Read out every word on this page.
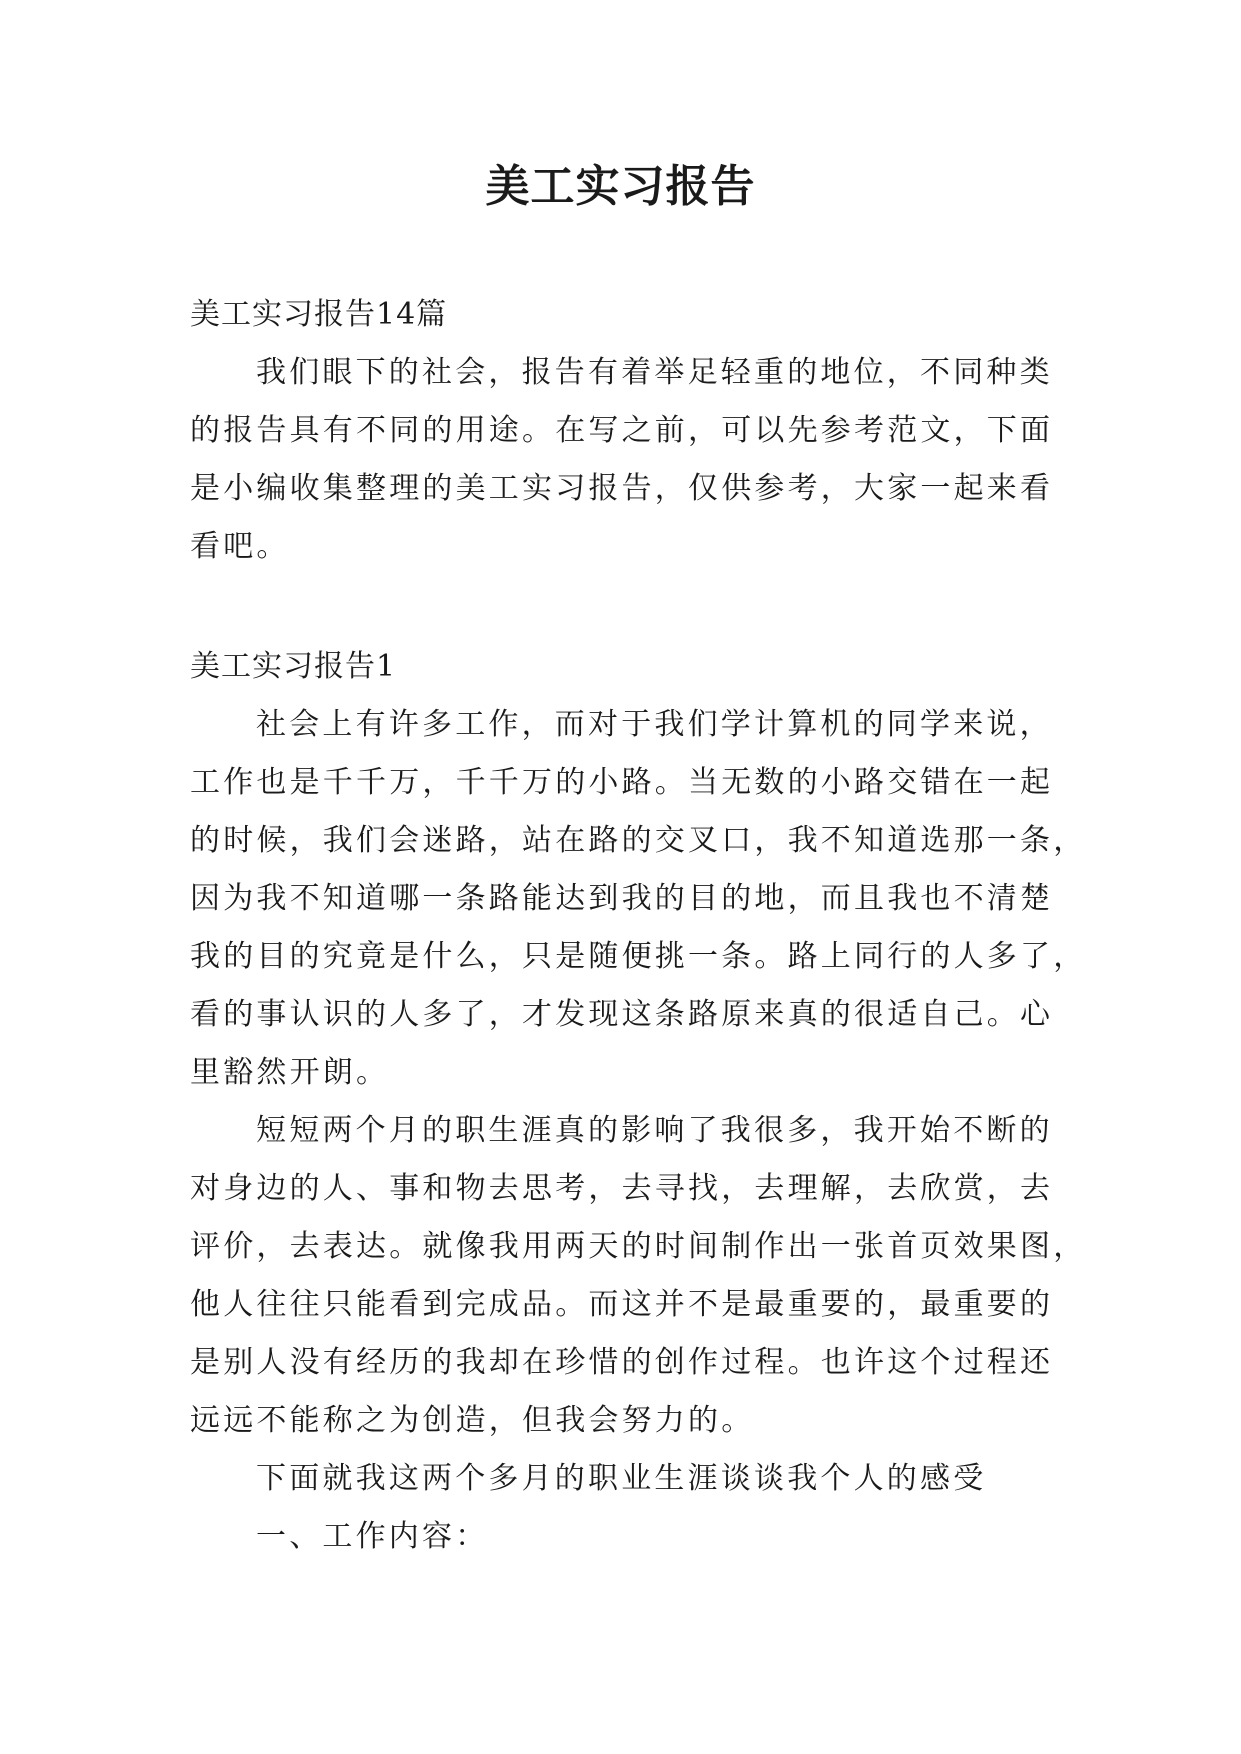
美工实习报告

美工实习报告14篇

我们眼下的社会，报告有着举足轻重的地位，不同种类

的报告具有不同的用途。在写之前，可以先参考范文，下面

是小编收集整理的美工实习报告，仅供参考，大家一起来看

看吧。

美工实习报告1

社会上有许多工作，而对于我们学计算机的同学来说，

工作也是千千万，千千万的小路。当无数的小路交错在一起

的时候，我们会迷路，站在路的交叉口，我不知道选那一条，

因为我不知道哪一条路能达到我的目的地，而且我也不清楚

我的目的究竟是什么，只是随便挑一条。路上同行的人多了，

看的事认识的人多了，才发现这条路原来真的很适自己。心

里豁然开朗。

短短两个月的职生涯真的影响了我很多，我开始不断的

对身边的人、事和物去思考，去寻找，去理解，去欣赏，去

评价，去表达。就像我用两天的时间制作出一张首页效果图，

他人往往只能看到完成品。而这并不是最重要的，最重要的

是别人没有经历的我却在珍惜的创作过程。也许这个过程还

远远不能称之为创造，但我会努力的。

下面就我这两个多月的职业生涯谈谈我个人的感受

一、工作内容：
